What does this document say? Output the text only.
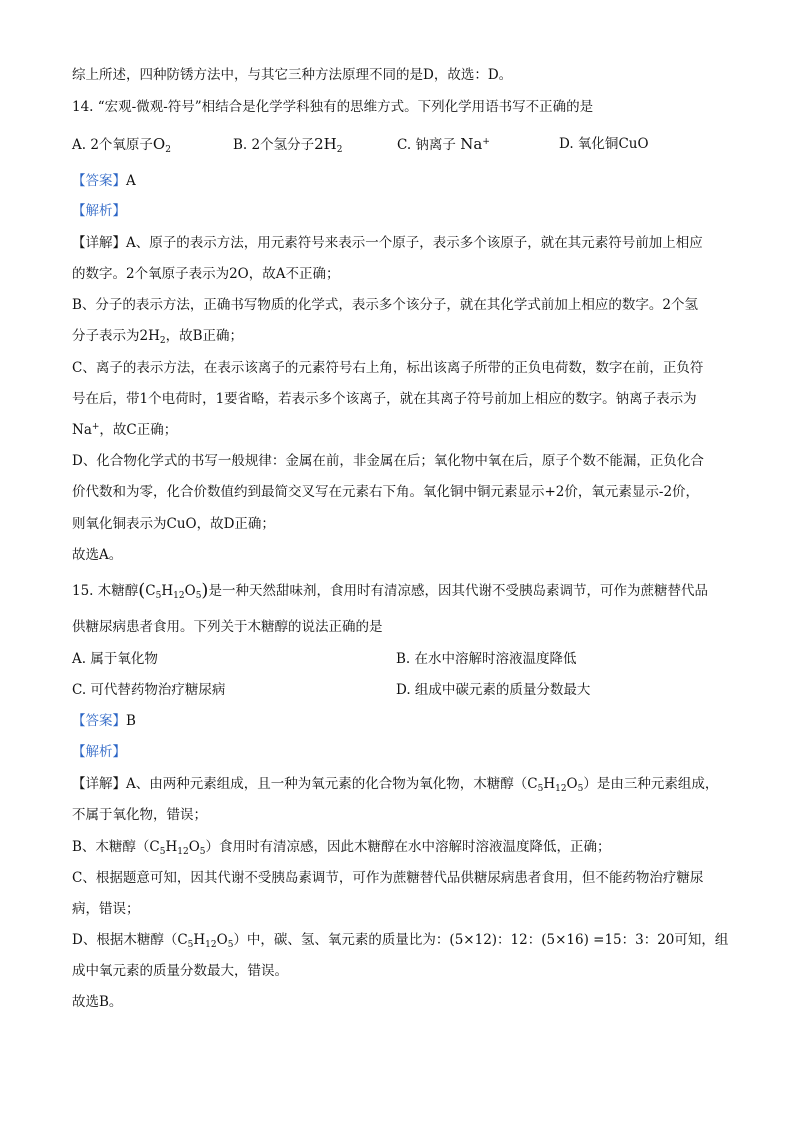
综上所述，四种防锈方法中，与其它三种方法原理不同的是D，故选：D。
14. “宏观-微观-符号”相结合是化学学科独有的思维方式。下列化学用语书写不正确的是
A. 2个氧原子$O_2$	B. 2个氢分子$2H_2$	C. 钠离子 Na+	D. 氧化铜CuO
【答案】A
【解析】
【详解】A、原子的表示方法，用元素符号来表示一个原子，表示多个该原子，就在其元素符号前加上相应
的数字。2个氧原子表示为2O，故A不正确；
B、分子的表示方法，正确书写物质的化学式，表示多个该分子，就在其化学式前加上相应的数字。2个氢
分子表示为$2H_2$，故B正确；
C、离子的表示方法，在表示该离子的元素符号右上角，标出该离子所带的正负电荷数，数字在前，正负符
号在后，带1个电荷时，1要省略，若表示多个该离子，就在其离子符号前加上相应的数字。钠离子表示为
Na+，故C正确；
D、化合物化学式的书写一般规律：金属在前，非金属在后；氧化物中氧在后，原子个数不能漏，正负化合
价代数和为零，化合价数值约到最简交叉写在元素右下角。氧化铜中铜元素显示+2价，氧元素显示-2价，
则氧化铜表示为CuO，故D正确；
故选A。
15. 木糖醇$(C_5H_{12}O_5)$是一种天然甜味剂，食用时有清凉感，因其代谢不受胰岛素调节，可作为蔗糖替代品
供糖尿病患者食用。下列关于木糖醇的说法正确的是
A. 属于氧化物	B. 在水中溶解时溶液温度降低
C. 可代替药物治疗糖尿病	D. 组成中碳元素的质量分数最大
【答案】B
【解析】
【详解】A、由两种元素组成，且一种为氧元素的化合物为氧化物，木糖醇$(C_5H_{12}O_5)$是由三种元素组成，
不属于氧化物，错误；
B、木糖醇$(C_5H_{12}O_5)$食用时有清凉感，因此木糖醇在水中溶解时溶液温度降低，正确；
C、根据题意可知，因其代谢不受胰岛素调节，可作为蔗糖替代品供糖尿病患者食用，但不能药物治疗糖尿
病，错误；
D、根据木糖醇$(C_5H_{12}O_5)$中，碳、氢、氧元素的质量比为：(5×12)：12：(5×16) =15：3：20可知，组
成中氧元素的质量分数最大，错误。
故选B。
